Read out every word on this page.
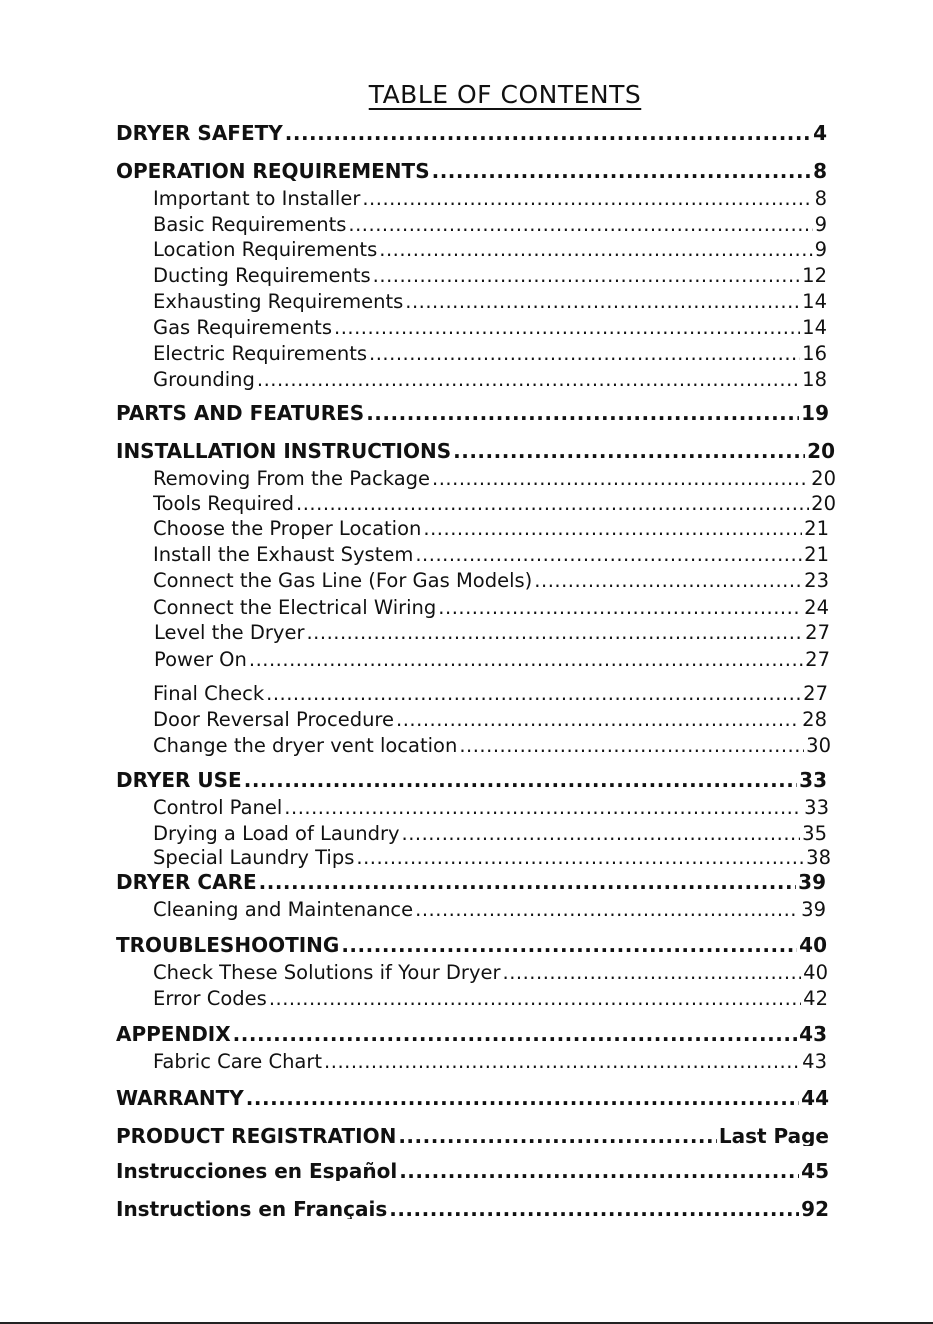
TABLE OF CONTENTS
DRYER SAFETY .....	4
OPERATION REQUIREMENTS .....	8
Important to Installer .....	8
Basic Requirements .....	9
Location Requirements .....	9
Ducting Requirements .....	12
Exhausting Requirements .....	14
Gas Requirements .....	14
Electric Requirements .....	16
Grounding .....	18
PARTS AND FEATURES .....	19
INSTALLATION INSTRUCTIONS .....	20
Removing From the Package .....	20
Tools Required .....	20
Choose the Proper Location .....	21
Install the Exhaust System .....	21
Connect the Gas Line (For Gas Models) .....	23
Connect the Electrical Wiring .....	24
Level the Dryer .....	27
Power On .....	27
Final Check .....	27
Door Reversal Procedure .....	28
Change the dryer vent location .....	30
DRYER USE .....	33
Control Panel .....	33
Drying a Load of Laundry .....	35
Special Laundry Tips .....	38
DRYER CARE .....	39
Cleaning and Maintenance .....	39
TROUBLESHOOTING .....	40
Check These Solutions if Your Dryer .....	40
Error Codes .....	42
APPENDIX .....	43
Fabric Care Chart .....	43
WARRANTY .....	44
PRODUCT REGISTRATION .....	Last Page
Instrucciones en Español .....	45
Instructions en Français .....	92
